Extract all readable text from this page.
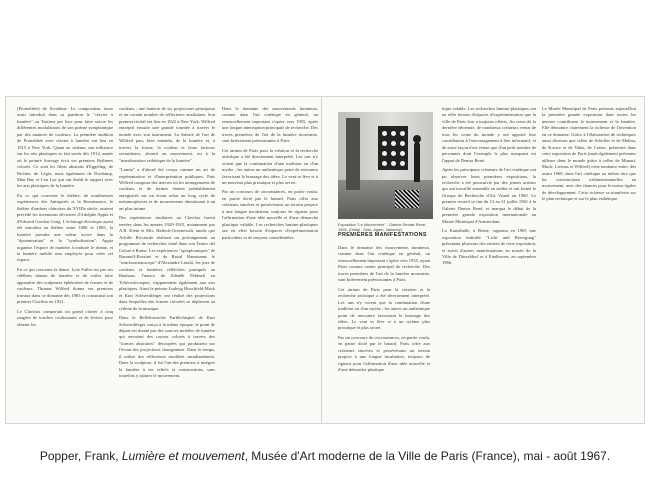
(Prométhée) de Scriabine. Le compositeur russe avait introduit dans sa partition le "clavier à lumière" ou Tastiera per luce pour faire suivre les différentes modulations de son poème symphonique par des nuances de couleurs. La première audition de Prométhée avec clavier à lumière eut lieu en 1915 à New York. Quant au cinéma, son influence sur les arts plastiques se fait sentir dès 1912, année où le peintre Survage écrit ses premiers Rythmes colorés. Ce sont les films abstraits d'Eggeling, de Richter, de Léger, mais également de Duchamp, Man Ray et Len Lye qui ont établi le rapport avec les arts plastiques de la lumière.

En ce qui concerne le théâtre, de nombreuses expériences des Antiquités et la Renaissance, le théâtre d'ombres chinoises du XVIIIe siècle, avaient précédé les inventions décisives d'Adolphe Appia et d'Edward Gordon Craig. L'éclairage électrique ayant été introduit au théâtre entre 1880 et 1885, la lumière prendra une valeur active dans la "dynamisation" et la "symbolisation". Appia organise l'espace de manière à traduire le drame, et la lumière mobile sera employée pour créer cet espace.

En ce qui concerne la danse, Loïe Fuller sut par ses célèbres danses de lumière et de voiles faire apparaître des sculptures éphémères de formes et de couleurs. Thomas Wilfred donna ses premiers travaux dans ce domaine dès 1905 et construisit son premier Clavilux en 1921.

Le Clavilux comportait un grand clavier à cinq rangées de touches coulissantes et de leviers pour obtenir les

couleurs ; une batterie de six projecteurs principaux et un certain nombre de réflecteurs auxiliaires. Son premier récital eut lieu en 1922 à New York. Wilfred entreprit ensuite une grande tournée à travers le monde avec son instrument. La théorie de l'art de Wilfred part, bien entendu, de la lumière et, à travers la forme, la couleur et leurs facteurs secondaires, aboutit au mouvement, ou à la "manifestation esthétique de la lumière".

"Lumia" a d'abord été conçu comme un art de représentation et d'interprétation publiques. Puis Wilfred composa des œuvres où les arrangements de couleurs et de formes étaient préalablement enregistrés sur un écran selon un long cycle de métamorphoses et de mouvements aboutissant à un art plus intime.

Des expériences similaires au Clavilux furent tentées dans les années 1920-1925, notamment par A.B. Klein et Mrs. Hallock-Greenewalt, tandis que Achille Ricciardo réalisait un prolongement au programme de recherches tenté dans son Teatro del Colore à Rome. Les expériences "optophoniques" de Baranoff-Rossiné et de Raoul Hausmann, le "sonchromatoscope" d'Alexandre László, les jeux de couleurs et lumières réfléchies pratiqués au Bauhaus, l'œuvre de Zdeněk Pešánek en Tchécoslovaquie, s'apparentent également aux arts plastiques. Ainsi le peintre Ludwig Hirschfeld-Mack et Kurt Schwerdtfeger ont réalisé des projections dans lesquelles des formes colorées se déplacent au rythme de la musique.

Dans le Reflektorische Farblichtspiel de Kurt Schwerdtfeger conçu à la même époque, le point de départ est donné par des sources mobiles de lumière qui envoient des rayons colorés à travers des "formes abstraites" découpées qui produisent sur l'écran des projections changeantes. Dans le temps, il utilise des réflecteurs modifiés simultanément. Dans la sculpture, il fut l'un des premiers à intégrer la lumière à ses reliefs et constructions, sans toutefois y ajouter le mouvement.

Dans le domaine des mouvements lumineux, comme dans l'art cinétique en général, un renouvellement important s'opère vers 1955, après une longue interruption principale de recherche. Des traces premières de l'art de la lumière mouvante, sont brièvement préexistantes à Paris.

Cet atrium de Paris pour la création et la recherche artistique a été directement interprété. Les uns n'y voient que la continuation d'une tradition ou d'un mythe ; les autres un authentique point de rencontre favorisant le brassage des idées. Le vent se lève et à un nouveau plus prosaïque et plus secret.

Par un concours de circonstances, en partie voulu, en partie dicté par le hasard, Paris offre aux créateurs sincères et persévérants un terrain propice à une longue incubation, toujours de rigueur pour l'affirmation d'une idée nouvelle et d'une démarche plastique valable. Les recherches lumino-plastiques ont en effet besoin d'espaces d'expérimentation particuliers et de moyens considérables.

Exposition "Le Mouvement" - Galerie Denise René, 1955. (Détail : Soto, Agam, Vasarely).
PREMIÈRES MANIFESTATIONS

Dans le domaine des mouvements lumineux, comme dans l'art cinétique en général, un renouvellement important s'opère vers 1955, ayant Paris comme centre principal de recherche. Des traces premières de l'art de la lumière mouvante, sont brièvement préexistantes à Paris.

Cet atrium de Paris pour la création et la recherche artistique a été diversement interprété. Les uns n'y voient que la continuation d'une tradition ou d'un mythe ; les autres un authentique point de rencontre favorisant le brassage des idées. Le vent se lève et à un rythme plus prosaïque et plus secret.

Par un concours de circonstances, en partie voulu, en partie dicté par le hasard, Paris offre aux créateurs sincères et persévérants un terrain propice à une longue incubation, toujours de rigueur pour l'affirmation d'une idée nouvelle et d'une démarche plastique

tique valable. Les recherches lumino-plastiques ont en effet besoin d'espaces d'expérimentation que la ville de Paris leur a toujours offerts. Au cours de la dernière décennie, de nombreux créateurs venus de tous les coins du monde y ont apporté leur contribution à l'encouragement à être informatif, et de toute façon n'est venue que d'un petit nombre de personnes dont l'exemple le plus marquant est l'appui de Denise René.

Après les principaux créateurs de l'art cinétique ont pu observer leurs premières expositions, la recherche a été poursuivie par des jeunes artistes qui ont travaillé ensemble en atelier et ont formé le Groupe de Recherche d'Art Visuel en 1960. Le premier recueil se tint du 13 au 31 juillet 1961 à la Galerie Denise René, et marqua le début de la première grande exposition internationale au Musée Municipal d'Amsterdam.

La Kunsthalle, à Berne, organisa en 1965 une exposition intitulée "Licht und Bewegung" présentant plusieurs des artistes de cette exposition, et suivit d'autres manifestations au musée de la Ville de Düsseldorf et à Eindhoven, en septembre 1966.

Le Musée Municipal de Paris présente aujourd'hui la première grande exposition dont toutes les œuvres contribuent le mouvement et la lumière. Elle démontre clairement la richesse de l'invention en ce domaine. Grâce à l'élaboration de techniques aussi diverses que celles de Schöffer et de Malina, de Kosice et de Takis, de Castro, présentes dans cette exposition de Paris (mais également présentes ailleurs dans le monde grâce à celles de Munari, Mack, Livinus et Wilfred) cette tendance entre, dès avant 1960, dans l'art cinétique au même titre que les constructions tridimensionnelles en mouvement, avec des chances pour le moins égales de développement. Cette richesse se manifeste sur le plan technique et sur le plan esthétique.

Popper, Frank, Lumière et mouvement, Musée d'Art moderne de la Ville de Paris (France), mai - août 1967.
